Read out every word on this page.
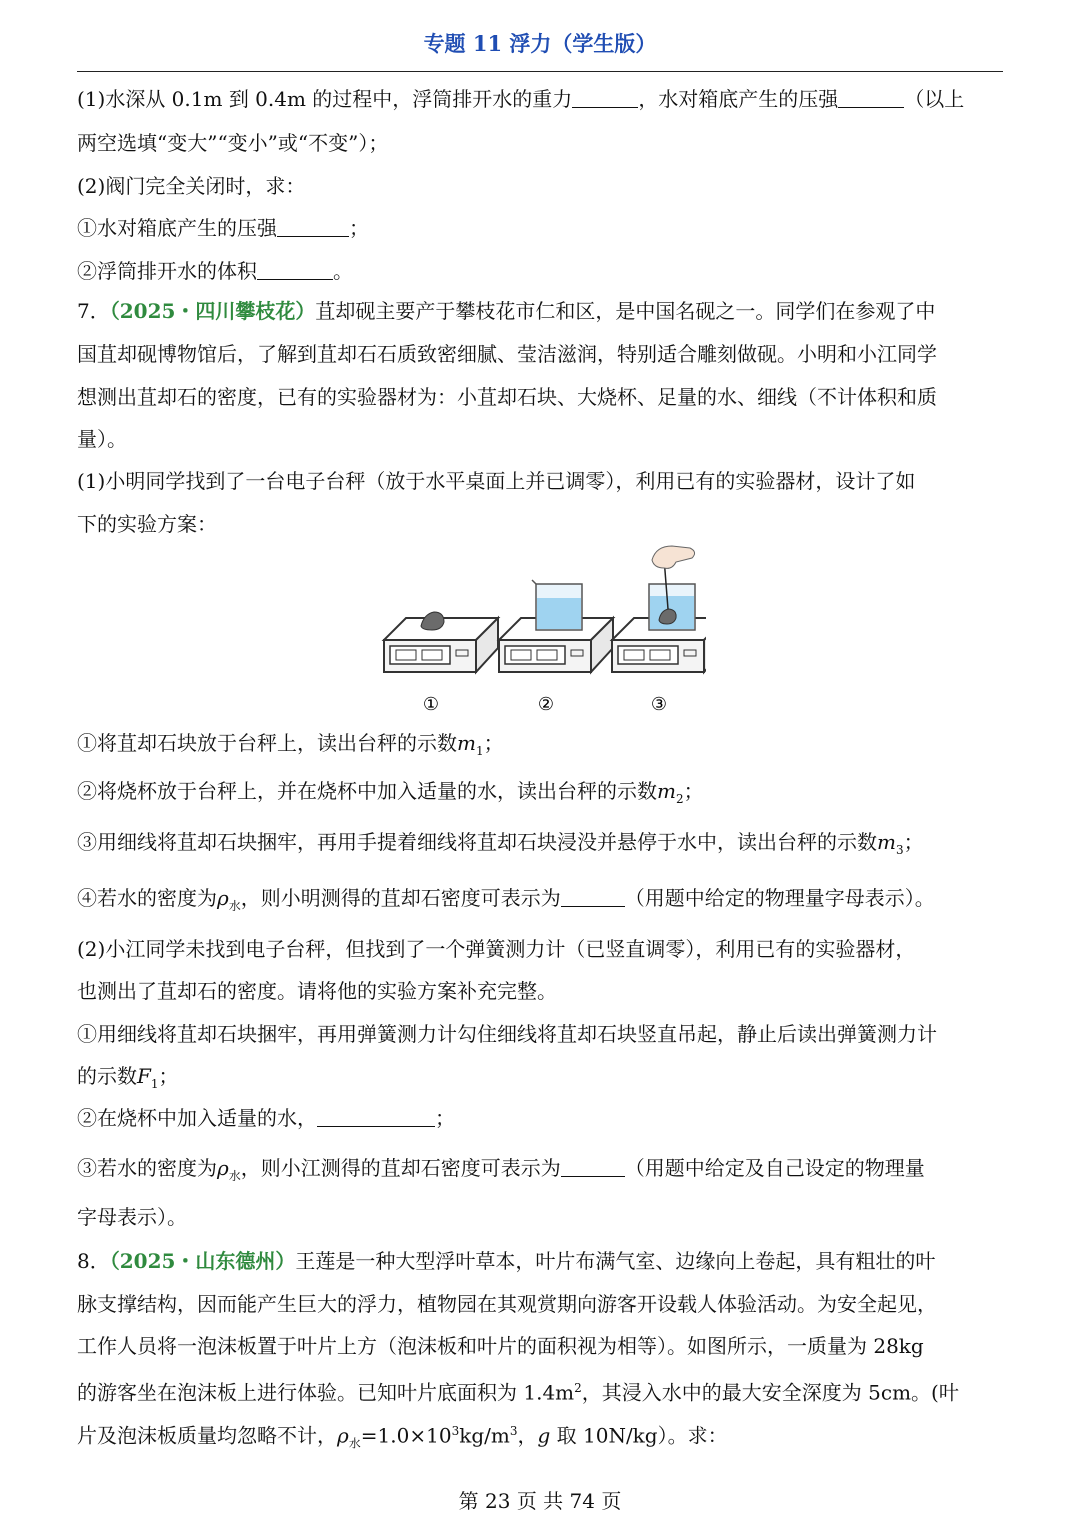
专题 11 浮力（学生版）
(1)水深从 0.1m 到 0.4m 的过程中，浮筒排开水的重力	，水对箱底产生的压强	（以上
两空选填“变大”“变小”或“不变”）；
(2)阀门完全关闭时，求：
①水对箱底产生的压强	；
②浮筒排开水的体积	。
7．（2025・四川攀枝花）苴却砚主要产于攀枝花市仁和区，是中国名砚之一。同学们在参观了中
国苴却砚博物馆后，了解到苴却石石质致密细腻、莹洁滋润，特别适合雕刻做砚。小明和小江同学
想测出苴却石的密度，已有的实验器材为：小苴却石块、大烧杯、足量的水、细线（不计体积和质
量）。
(1)小明同学找到了一台电子台秤（放于水平桌面上并已调零），利用已有的实验器材，设计了如
下的实验方案：
①	②	③
①将苴却石块放于台秤上，读出台秤的示数$m_1$；
②将烧杯放于台秤上，并在烧杯中加入适量的水，读出台秤的示数$m_2$；
③用细线将苴却石块捆牢，再用手提着细线将苴却石块浸没并悬停于水中，读出台秤的示数$m_3$；
④若水的密度为$\rho_水$，则小明测得的苴却石密度可表示为	（用题中给定的物理量字母表示）。
(2)小江同学未找到电子台秤，但找到了一个弹簧测力计（已竖直调零），利用已有的实验器材，
也测出了苴却石的密度。请将他的实验方案补充完整。
①用细线将苴却石块捆牢，再用弹簧测力计勾住细线将苴却石块竖直吊起，静止后读出弹簧测力计
的示数$F_1$；
②在烧杯中加入适量的水，	；
③若水的密度为$\rho_水$，则小江测得的苴却石密度可表示为	（用题中给定及自己设定的物理量
字母表示）。
8．（2025・山东德州）王莲是一种大型浮叶草本，叶片布满气室、边缘向上卷起，具有粗壮的叶
脉支撑结构，因而能产生巨大的浮力，植物园在其观赏期向游客开设载人体验活动。为安全起见，
工作人员将一泡沫板置于叶片上方（泡沫板和叶片的面积视为相等）。如图所示，一质量为 28kg
的游客坐在泡沫板上进行体验。已知叶片底面积为 $1.4m^2$，其浸入水中的最大安全深度为 5cm。(叶
片及泡沫板质量均忽略不计，$\rho_水=1.0\times 10^3kg/m^3$，g 取 10N/kg）。求：
第 23 页 共 74 页
